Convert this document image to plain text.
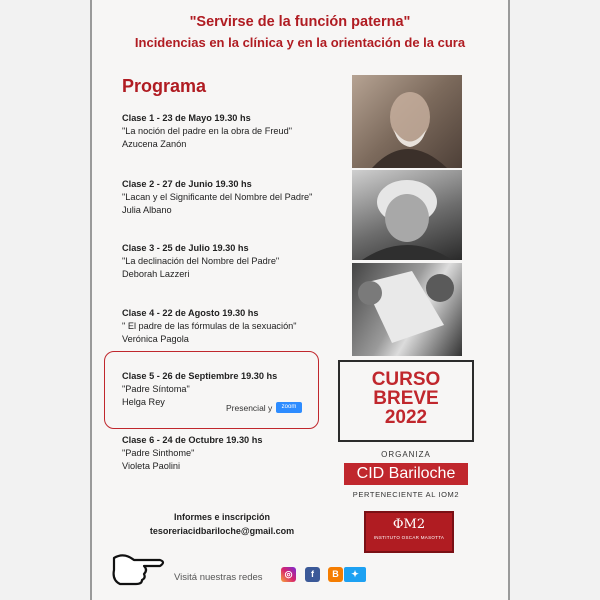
"Servirse de la función paterna"
Incidencias en la clínica y en la orientación de la cura
Programa
Clase 1 - 23 de Mayo 19.30 hs
"La noción del padre en la obra de Freud"
Azucena Zanón
Clase 2 - 27 de Junio 19.30 hs
"Lacan y el Significante del Nombre del Padre"
Julia Albano
Clase 3 - 25 de Julio 19.30 hs
"La declinación del Nombre del Padre"
Deborah Lazzeri
Clase 4 - 22 de Agosto 19.30 hs
" El padre de las fórmulas de la sexuación"
Verónica Pagola
Clase 5 - 26 de Septiembre 19.30 hs
"Padre Síntoma"
Helga Rey
Presencial y	zoom
Clase 6 - 24 de Octubre 19.30 hs
"Padre Sinthome"
Violeta Paolini
CURSO
BREVE
2022
ORGANIZA
CID Bariloche
PERTENECIENTE AL IOM2
ΦM2
INSTITUTO OSCAR MASOTTA
Informes e inscripción
tesoreriacidbariloche@gmail.com
Visitá nuestras redes	◎	f	B	✦
